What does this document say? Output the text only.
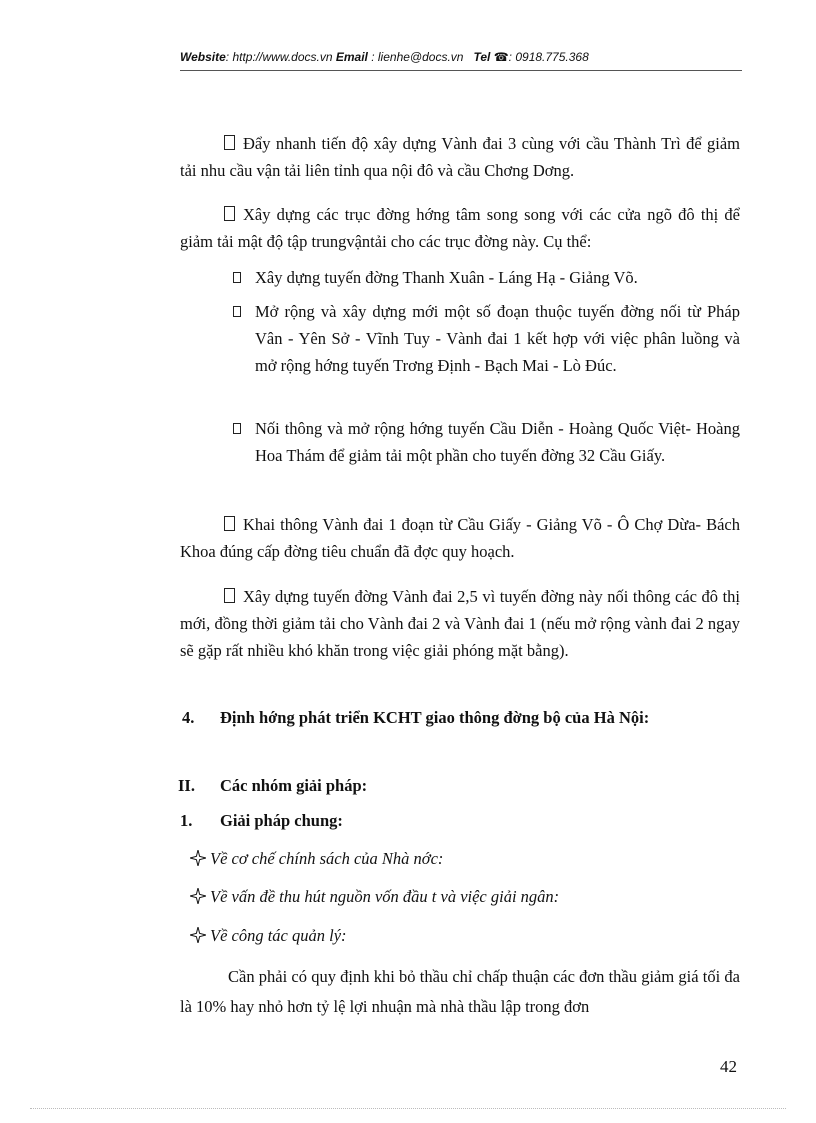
Website: http://www.docs.vn Email : lienhe@docs.vn Tel ☎: 0918.775.368
Đẩy nhanh tiến độ xây dựng Vành đai 3 cùng với cầu Thành Trì để giảm tải nhu cầu vận tải liên tỉnh qua nội đô và cầu Chơng Dơng.
Xây dựng các trục đờng hớng tâm song song với các cửa ngõ đô thị để giảm tải mật độ tập trungvậntải cho các trục đờng này. Cụ thể:
Xây dựng tuyến đờng Thanh Xuân - Láng Hạ - Giảng Võ.
Mở rộng và xây dựng mới một số đoạn thuộc tuyến đờng nối từ Pháp Vân - Yên Sở - Vĩnh Tuy - Vành đai 1 kết hợp với việc phân luồng và mở rộng hớng tuyến Trơng Định - Bạch Mai - Lò Đúc.
Nối thông và mở rộng hớng tuyến Cầu Diễn - Hoàng Quốc Việt- Hoàng Hoa Thám để giảm tải một phần cho tuyến đờng 32 Cầu Giấy.
Khai thông Vành đai 1 đoạn từ Cầu Giấy - Giảng Võ - Ô Chợ Dừa- Bách Khoa đúng cấp đờng tiêu chuẩn đã đợc quy hoạch.
Xây dựng tuyến đờng Vành đai 2,5 vì tuyến đờng này nối thông các đô thị mới, đồng thời giảm tải cho Vành đai 2 và Vành đai 1 (nếu mở rộng vành đai 2 ngay sẽ gặp rất nhiều khó khăn trong việc giải phóng mặt bằng).
4. Định hớng phát triển KCHT giao thông đờng bộ của Hà Nội:
II. Các nhóm giải pháp:
1. Giải pháp chung:
Về cơ chế chính sách của Nhà nớc:
Về vấn đề thu hút nguồn vốn đầu t và việc giải ngân:
Về công tác quản lý:
Cần phải có quy định khi bỏ thầu chỉ chấp thuận các đơn thầu giảm giá tối đa là 10% hay nhỏ hơn tỷ lệ lợi nhuận mà nhà thầu lập trong đơn
42
